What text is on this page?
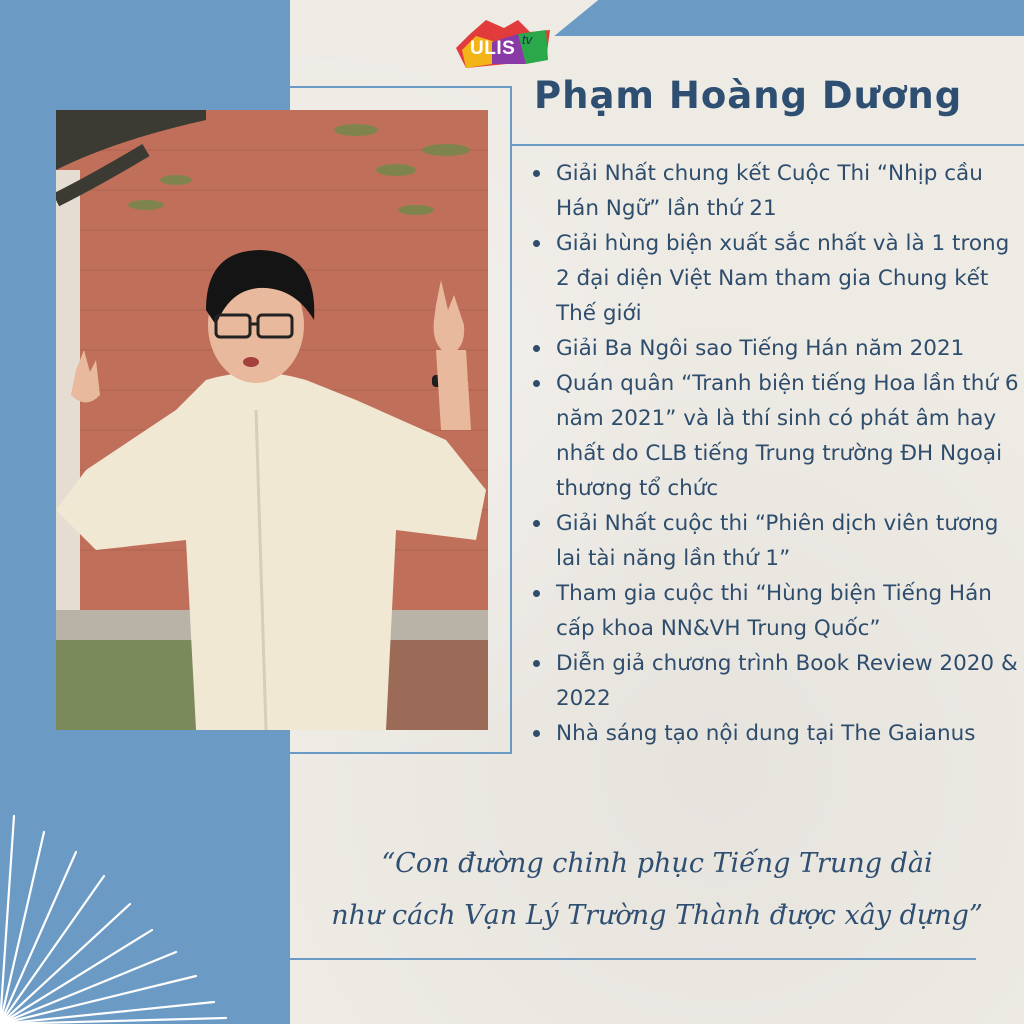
ULIS tv
Phạm Hoàng Dương
Giải Nhất chung kết Cuộc Thi “Nhịp cầu Hán Ngữ” lần thứ 21
Giải hùng biện xuất sắc nhất và là 1 trong 2 đại diện Việt Nam tham gia Chung kết Thế giới
Giải Ba Ngôi sao Tiếng Hán năm 2021
Quán quân “Tranh biện tiếng Hoa lần thứ 6 năm 2021” và là thí sinh có phát âm hay nhất do CLB tiếng Trung trường ĐH Ngoại thương tổ chức
Giải Nhất cuộc thi “Phiên dịch viên tương lai tài năng lần thứ 1”
Tham gia cuộc thi “Hùng biện Tiếng Hán cấp khoa NN&VH Trung Quốc”
Diễn giả chương trình Book Review 2020 & 2022
Nhà sáng tạo nội dung tại The Gaianus
“Con đường chinh phục Tiếng Trung dài
như cách Vạn Lý Trường Thành được xây dựng”
